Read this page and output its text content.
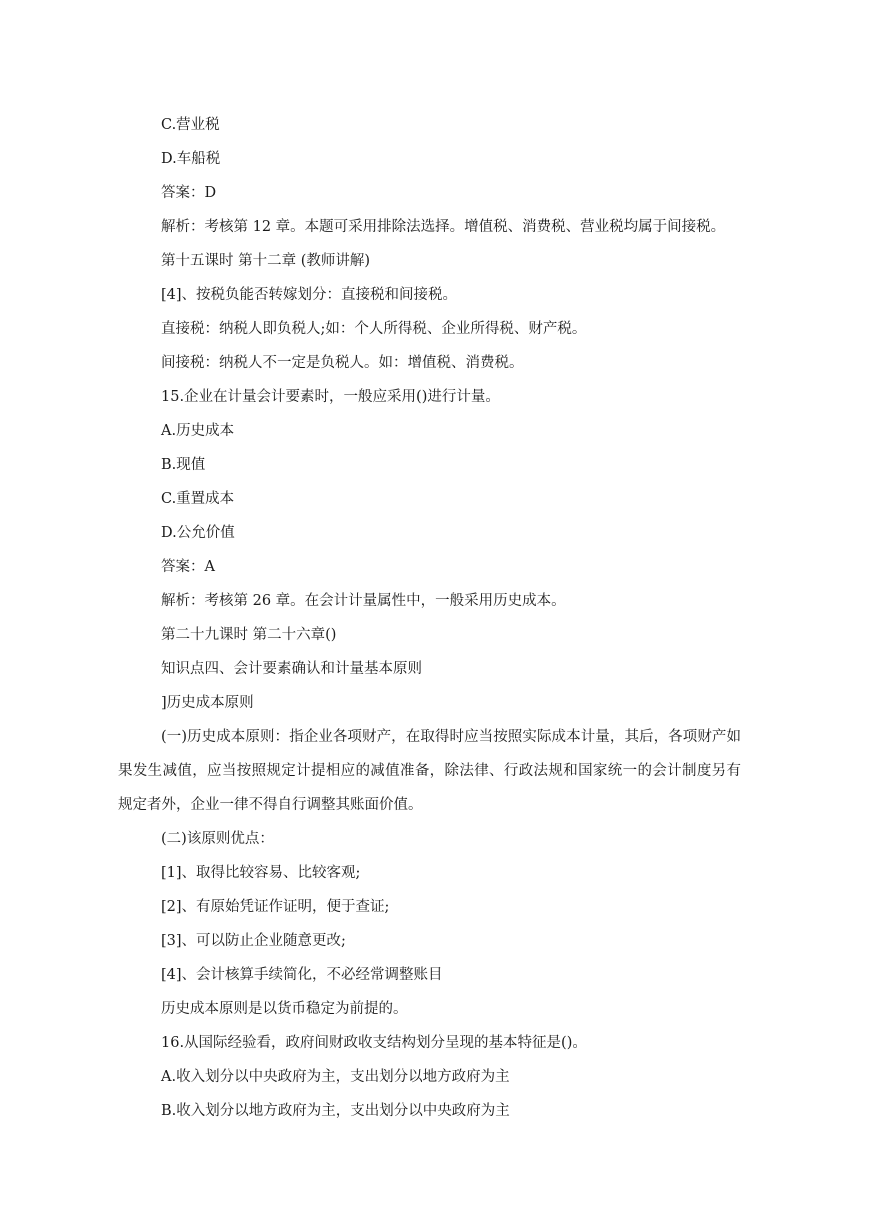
C.营业税

D.车船税

答案：D

解析：考核第 12 章。本题可采用排除法选择。增值税、消费税、营业税均属于间接税。

第十五课时 第十二章 (教师讲解)

[4]、按税负能否转嫁划分：直接税和间接税。

直接税：纳税人即负税人;如：个人所得税、企业所得税、财产税。

间接税：纳税人不一定是负税人。如：增值税、消费税。

15.企业在计量会计要素时，一般应采用()进行计量。

A.历史成本

B.现值

C.重置成本

D.公允价值

答案：A

解析：考核第 26 章。在会计计量属性中，一般采用历史成本。

第二十九课时 第二十六章()

知识点四、会计要素确认和计量基本原则

]历史成本原则

(一)历史成本原则：指企业各项财产，在取得时应当按照实际成本计量，其后，各项财产如果发生减值，应当按照规定计提相应的减值准备，除法律、行政法规和国家统一的会计制度另有规定者外，企业一律不得自行调整其账面价值。

(二)该原则优点：

[1]、取得比较容易、比较客观;

[2]、有原始凭证作证明，便于查证;

[3]、可以防止企业随意更改;

[4]、会计核算手续简化，不必经常调整账目

历史成本原则是以货币稳定为前提的。

16.从国际经验看，政府间财政收支结构划分呈现的基本特征是()。

A.收入划分以中央政府为主，支出划分以地方政府为主

B.收入划分以地方政府为主，支出划分以中央政府为主
